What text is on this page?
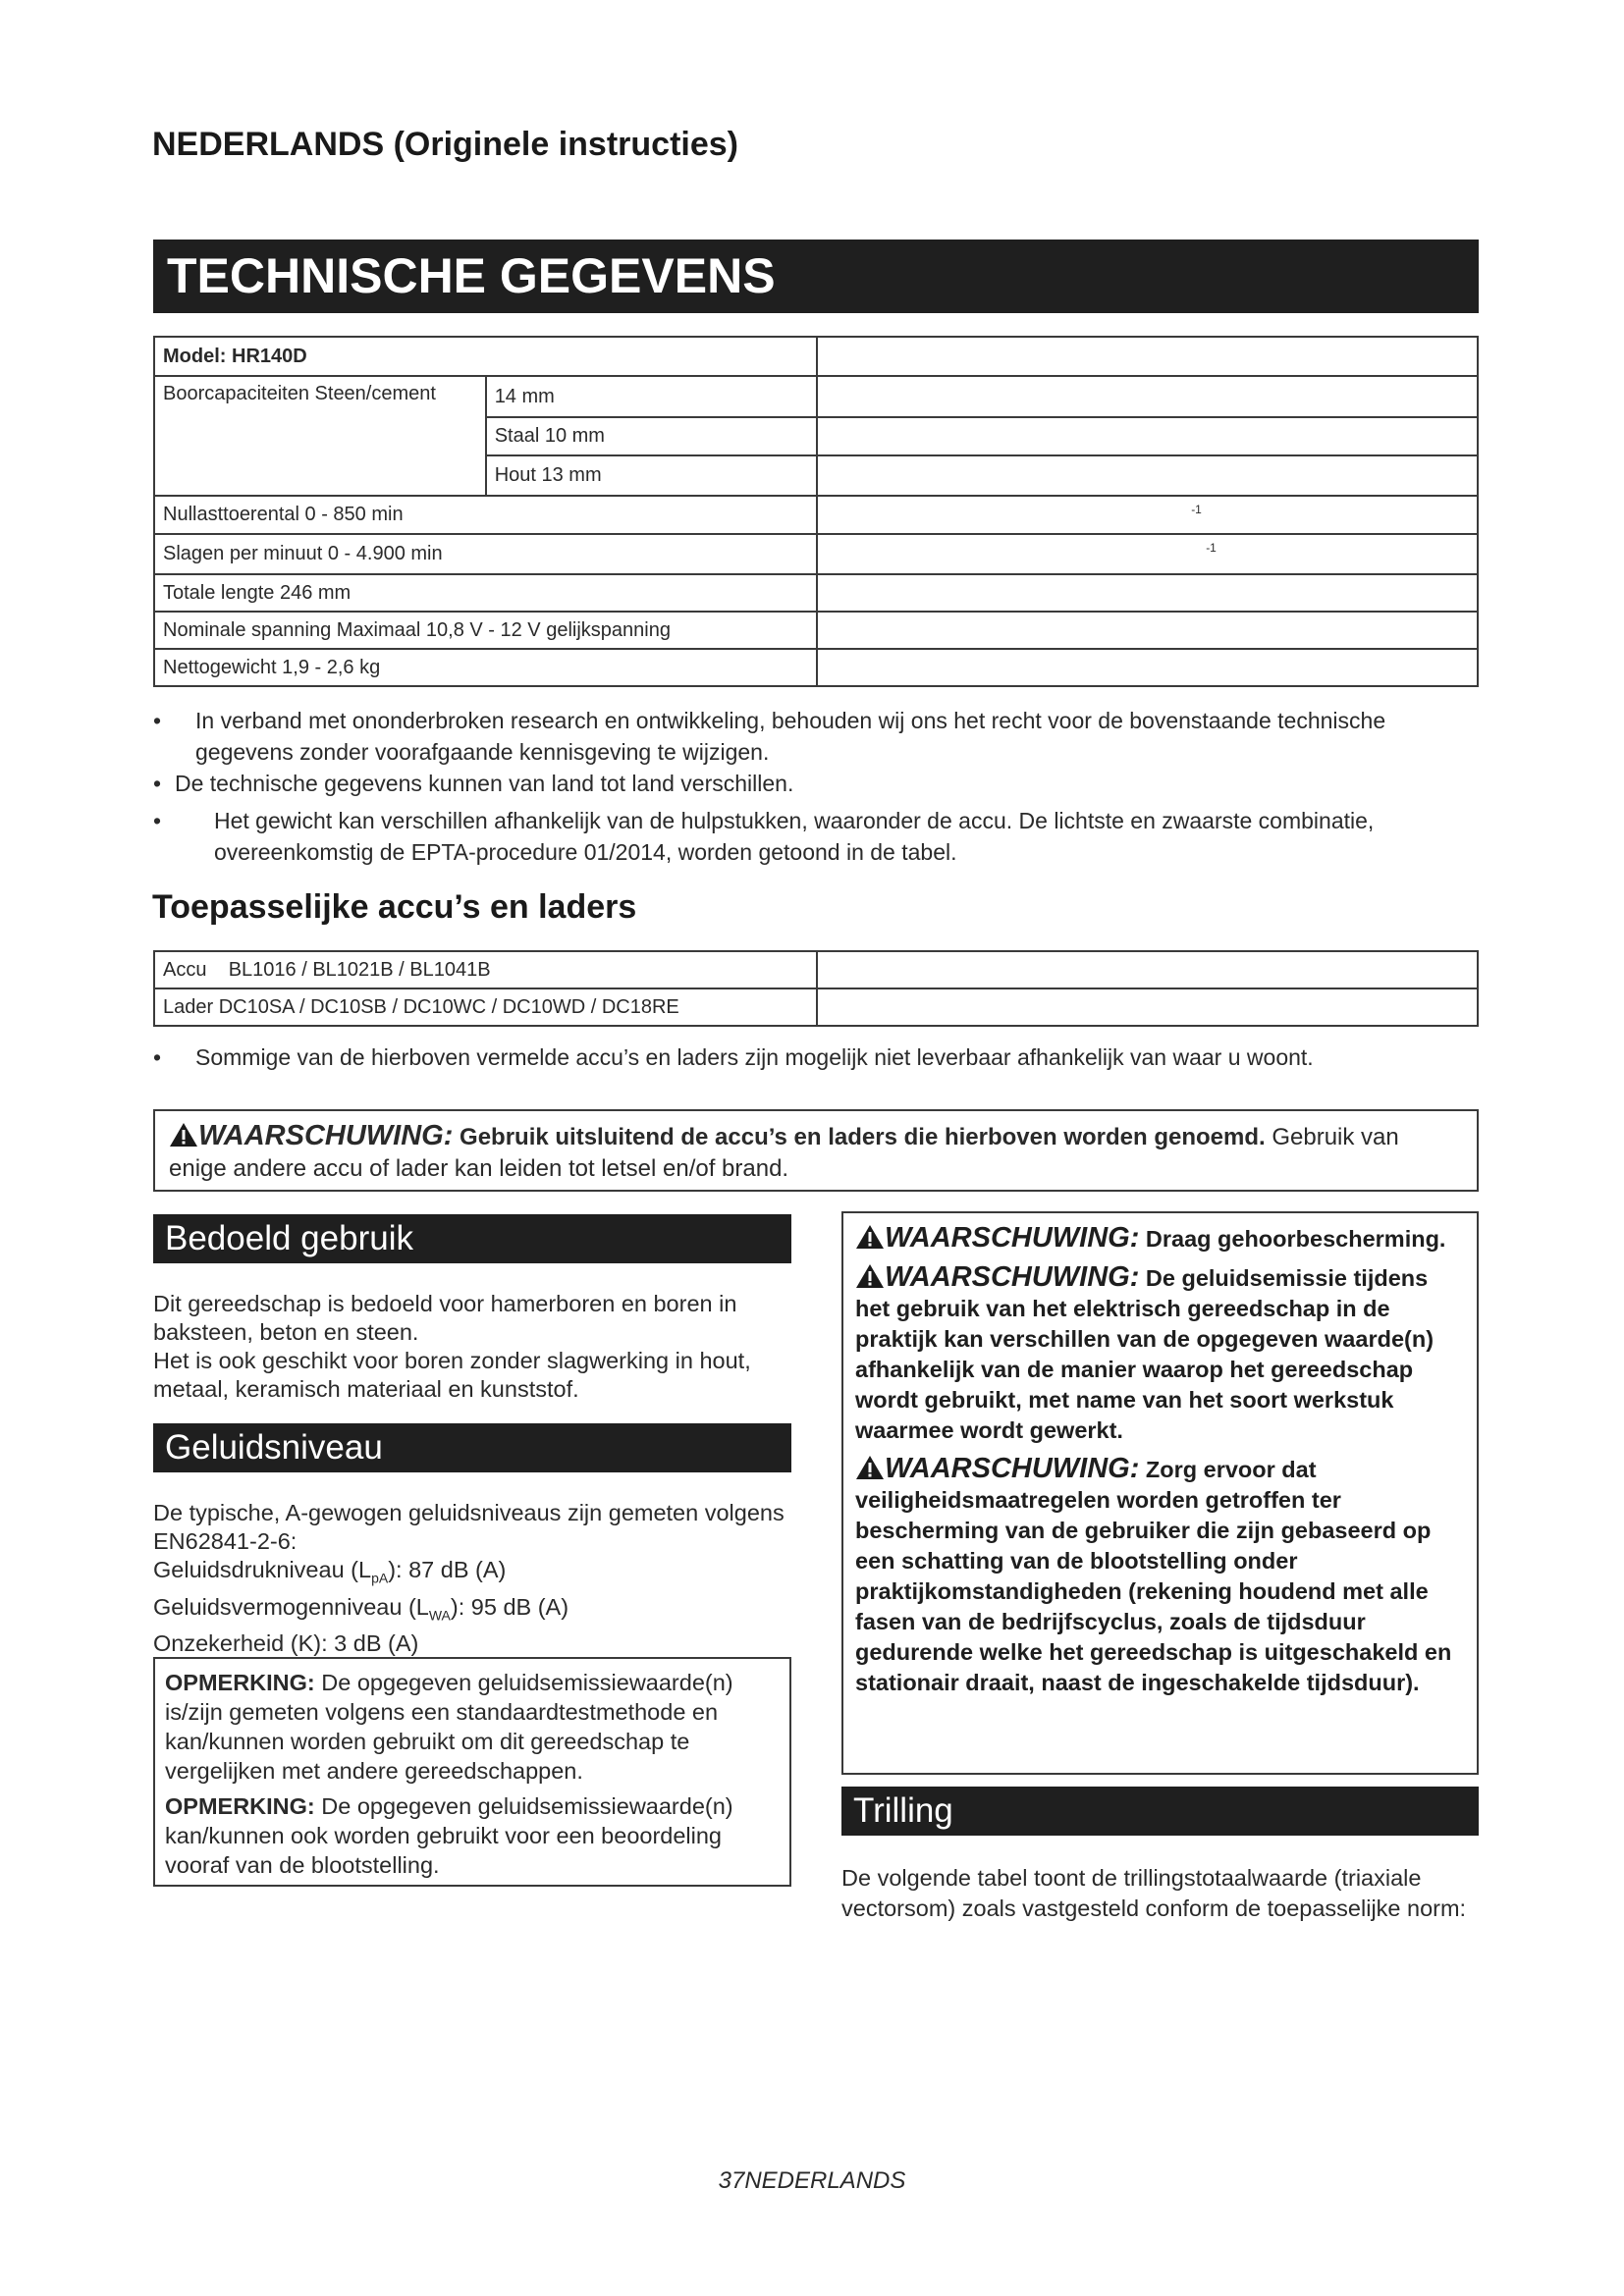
NEDERLANDS (Originele instructies)
TECHNISCHE GEGEVENS
Model: HR140D		
Boorcapaciteiten Steen/cement	14 mm	
	Staal 10 mm	
	Hout 13 mm	
Nullasttoerental 0 - 850 min		-1

Slagen per minuut 0 - 4.900 min		-1

Totale lengte 246 mm		
Nominale spanning Maximaal 10,8 V - 12 V gelijkspanning		
Nettogewicht 1,9 - 2,6 kg		
•	In verband met ononderbroken research en ontwikkeling, behouden wij ons het recht voor de bovenstaande technische gegevens zonder voorafgaande kennisgeving te wijzigen.
• De technische gegevens kunnen van land tot land verschillen.
•	Het gewicht kan verschillen afhankelijk van de hulpstukken, waaronder de accu. De lichtste en zwaarste combinatie, overeenkomstig de EPTA-procedure 01/2014, worden getoond in de tabel.
Toepasselijke accu’s en laders
Accu    BL1016 / BL1021B / BL1041B	
Lader DC10SA / DC10SB / DC10WC / DC10WD / DC18RE	
•	Sommige van de hierboven vermelde accu’s en laders zijn mogelijk niet leverbaar afhankelijk van waar u woont.
WAARSCHUWING: Gebruik uitsluitend de accu’s en laders die hierboven worden genoemd. Gebruik van enige andere accu of lader kan leiden tot letsel en/of brand.
Bedoeld gebruik
Dit gereedschap is bedoeld voor hamerboren en boren in baksteen, beton en steen.
Het is ook geschikt voor boren zonder slagwerking in hout, metaal, keramisch materiaal en kunststof.
Geluidsniveau
De typische, A-gewogen geluidsniveaus zijn gemeten volgens EN62841-2-6:
Geluidsdrukniveau $(L_{pA})$: 87 dB (A)
Geluidsvermogenniveau $(L_{WA})$: 95 dB (A)
Onzekerheid (K): 3 dB (A)
OPMERKING: De opgegeven geluidsemissiewaarde(n) is/zijn gemeten volgens een standaardtestmethode en kan/kunnen worden gebruikt om dit gereedschap te vergelijken met andere gereedschappen.
OPMERKING: De opgegeven geluidsemissiewaarde(n) kan/kunnen ook worden gebruikt voor een beoordeling vooraf van de blootstelling.
WAARSCHUWING: Draag gehoorbescherming.
WAARSCHUWING: De geluidsemissie tijdens het gebruik van het elektrisch gereedschap in de praktijk kan verschillen van de opgegeven waarde(n) afhankelijk van de manier waarop het gereedschap wordt gebruikt, met name van het soort werkstuk waarmee wordt gewerkt.
WAARSCHUWING: Zorg ervoor dat veiligheidsmaatregelen worden getroffen ter bescherming van de gebruiker die zijn gebaseerd op een schatting van de blootstelling onder praktijkomstandigheden (rekening houdend met alle fasen van de bedrijfscyclus, zoals de tijdsduur gedurende welke het gereedschap is uitgeschakeld en stationair draait, naast de ingeschakelde tijdsduur).
Trilling
De volgende tabel toont de trillingstotaalwaarde (triaxiale vectorsom) zoals vastgesteld conform de toepasselijke norm:
37NEDERLANDS
